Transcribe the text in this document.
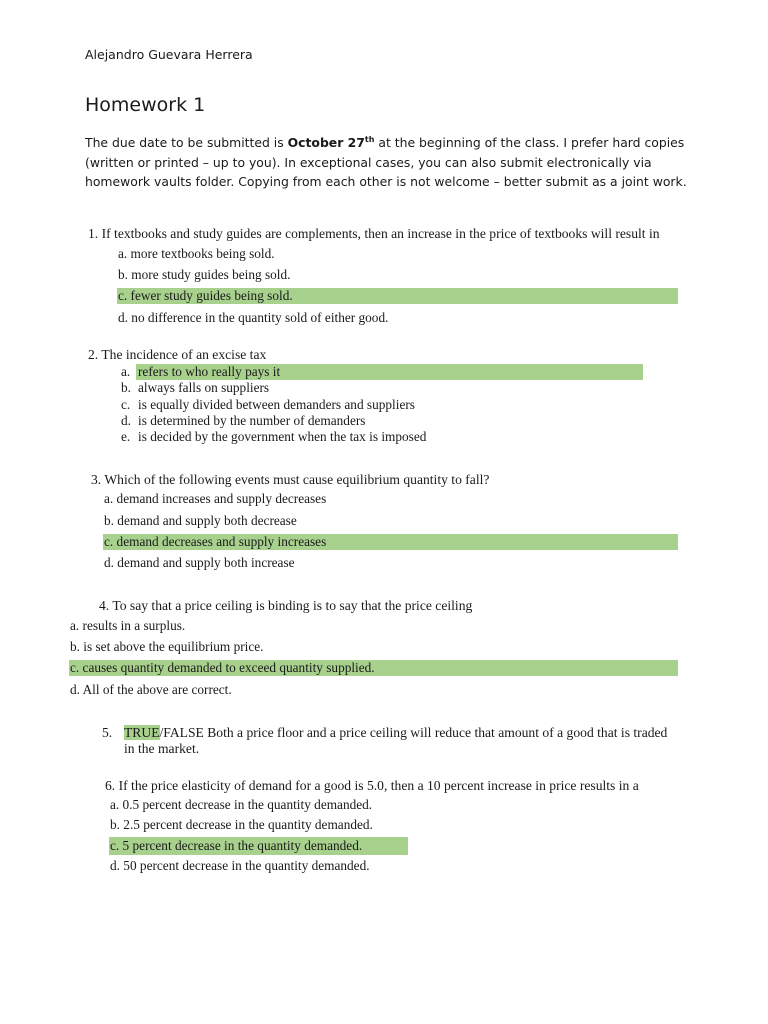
Alejandro Guevara Herrera
Homework 1
The due date to be submitted is October 27th at the beginning of the class. I prefer hard copies (written or printed – up to you). In exceptional cases, you can also submit electronically via homework vaults folder. Copying from each other is not welcome – better submit as a joint work.
1. If textbooks and study guides are complements, then an increase in the price of textbooks will result in
a. more textbooks being sold.
b. more study guides being sold.
c. fewer study guides being sold.
d. no difference in the quantity sold of either good.
2. The incidence of an excise tax
a. refers to who really pays it
b. always falls on suppliers
c. is equally divided between demanders and suppliers
d. is determined by the number of demanders
e. is decided by the government when the tax is imposed
3. Which of the following events must cause equilibrium quantity to fall?
a. demand increases and supply decreases
b. demand and supply both decrease
c. demand decreases and supply increases
d. demand and supply both increase
4. To say that a price ceiling is binding is to say that the price ceiling
a. results in a surplus.
b. is set above the equilibrium price.
c. causes quantity demanded to exceed quantity supplied.
d. All of the above are correct.
5. TRUE/FALSE Both a price floor and a price ceiling will reduce that amount of a good that is traded
in the market.
6. If the price elasticity of demand for a good is 5.0, then a 10 percent increase in price results in a
a. 0.5 percent decrease in the quantity demanded.
b. 2.5 percent decrease in the quantity demanded.
c. 5 percent decrease in the quantity demanded.
d. 50 percent decrease in the quantity demanded.
